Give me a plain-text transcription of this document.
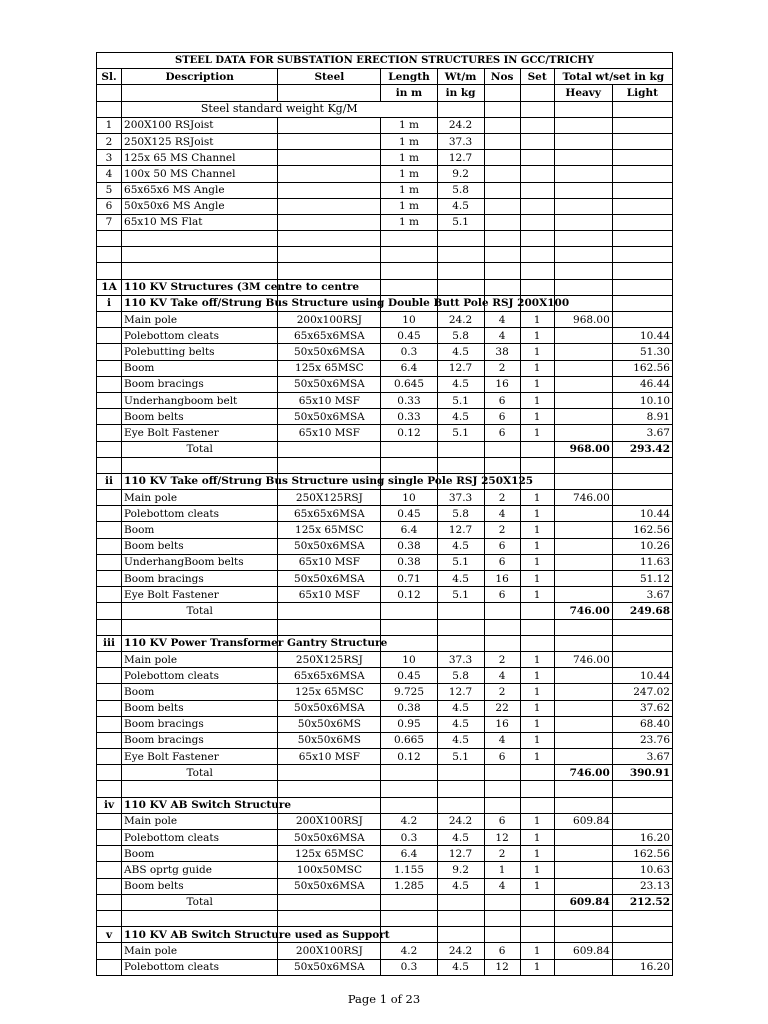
STEEL DATA FOR SUBSTATION ERECTION STRUCTURES IN GCC/TRICHY								
Sl.	Description	Steel	Length	Wt/m	Nos	Set	Total wt/set in kg	
			in m	in kg			Heavy	Light
	Steel standard weight Kg/M							
1	200X100 RSJoist		1 m	24.2				
2	250X125 RSJoist		1 m	37.3				
3	125x 65 MS Channel		1 m	12.7				
4	100x 50 MS Channel		1 m	9.2				
5	65x65x6 MS Angle		1 m	5.8				
6	50x50x6 MS Angle		1 m	4.5				
7	65x10 MS Flat		1 m	5.1				

1A	110 KV Structures (3M centre to centre							
i	110 KV Take off/Strung Bus Structure using Double Butt Pole RSJ 200X100							
	Main pole	200x100RSJ	10	24.2	4	1	968.00	
	Polebottom cleats	65x65x6MSA	0.45	5.8	4	1		10.44
	Polebutting belts	50x50x6MSA	0.3	4.5	38	1		51.30
	Boom	125x 65MSC	6.4	12.7	2	1		162.56
	Boom bracings	50x50x6MSA	0.645	4.5	16	1		46.44
	Underhangboom belt	65x10 MSF	0.33	5.1	6	1		10.10
	Boom belts	50x50x6MSA	0.33	4.5	6	1		8.91
	Eye Bolt Fastener	65x10 MSF	0.12	5.1	6	1		3.67
	Total						968.00	293.42

ii	110 KV Take off/Strung Bus Structure using single Pole RSJ 250X125							
	Main pole	250X125RSJ	10	37.3	2	1	746.00	
	Polebottom cleats	65x65x6MSA	0.45	5.8	4	1		10.44
	Boom	125x 65MSC	6.4	12.7	2	1		162.56
	Boom belts	50x50x6MSA	0.38	4.5	6	1		10.26
	UnderhangBoom belts	65x10 MSF	0.38	5.1	6	1		11.63
	Boom bracings	50x50x6MSA	0.71	4.5	16	1		51.12
	Eye Bolt Fastener	65x10 MSF	0.12	5.1	6	1		3.67
	Total						746.00	249.68

iii	110 KV Power Transformer Gantry Structure							
	Main pole	250X125RSJ	10	37.3	2	1	746.00	
	Polebottom cleats	65x65x6MSA	0.45	5.8	4	1		10.44
	Boom	125x 65MSC	9.725	12.7	2	1		247.02
	Boom belts	50x50x6MSA	0.38	4.5	22	1		37.62
	Boom bracings	50x50x6MS	0.95	4.5	16	1		68.40
	Boom bracings	50x50x6MS	0.665	4.5	4	1		23.76
	Eye Bolt Fastener	65x10 MSF	0.12	5.1	6	1		3.67
	Total						746.00	390.91

iv	110 KV AB Switch Structure							
	Main pole	200X100RSJ	4.2	24.2	6	1	609.84	
	Polebottom cleats	50x50x6MSA	0.3	4.5	12	1		16.20
	Boom	125x 65MSC	6.4	12.7	2	1		162.56
	ABS oprtg guide	100x50MSC	1.155	9.2	1	1		10.63
	Boom belts	50x50x6MSA	1.285	4.5	4	1		23.13
	Total						609.84	212.52

v	110 KV AB Switch Structure used as Support							
	Main pole	200X100RSJ	4.2	24.2	6	1	609.84	
	Polebottom cleats	50x50x6MSA	0.3	4.5	12	1		16.20
Page 1 of 23
